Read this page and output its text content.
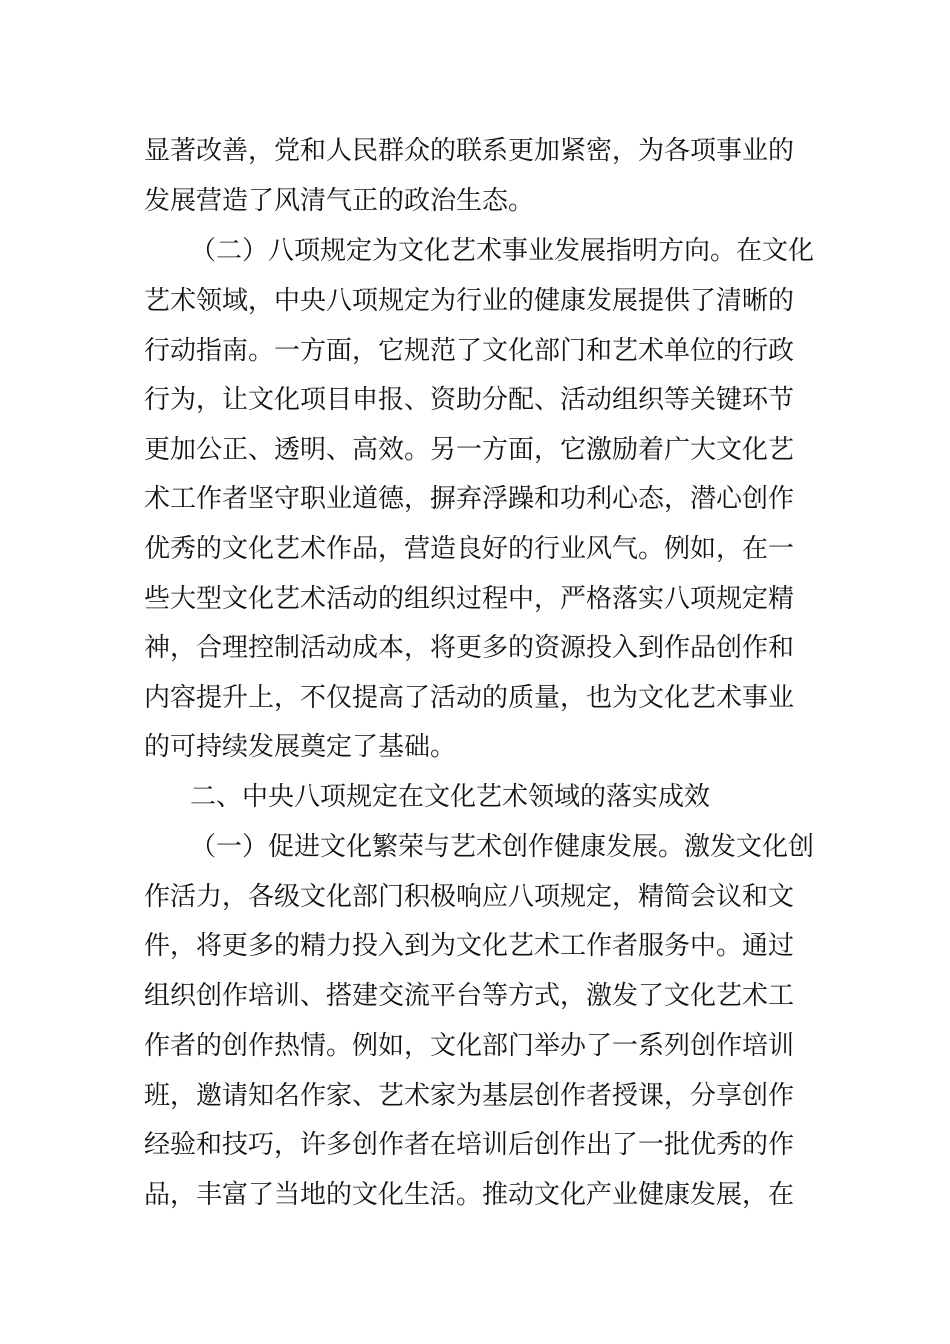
显著改善，党和人民群众的联系更加紧密，为各项事业的
发展营造了风清气正的政治生态。
（二）八项规定为文化艺术事业发展指明方向。在文化
艺术领域，中央八项规定为行业的健康发展提供了清晰的
行动指南。一方面，它规范了文化部门和艺术单位的行政
行为，让文化项目申报、资助分配、活动组织等关键环节
更加公正、透明、高效。另一方面，它激励着广大文化艺
术工作者坚守职业道德，摒弃浮躁和功利心态，潜心创作
优秀的文化艺术作品，营造良好的行业风气。例如，在一
些大型文化艺术活动的组织过程中，严格落实八项规定精
神，合理控制活动成本，将更多的资源投入到作品创作和
内容提升上，不仅提高了活动的质量，也为文化艺术事业
的可持续发展奠定了基础。
二、中央八项规定在文化艺术领域的落实成效
（一）促进文化繁荣与艺术创作健康发展。激发文化创
作活力，各级文化部门积极响应八项规定，精简会议和文
件，将更多的精力投入到为文化艺术工作者服务中。通过
组织创作培训、搭建交流平台等方式，激发了文化艺术工
作者的创作热情。例如，文化部门举办了一系列创作培训
班，邀请知名作家、艺术家为基层创作者授课，分享创作
经验和技巧，许多创作者在培训后创作出了一批优秀的作
品，丰富了当地的文化生活。推动文化产业健康发展，在
